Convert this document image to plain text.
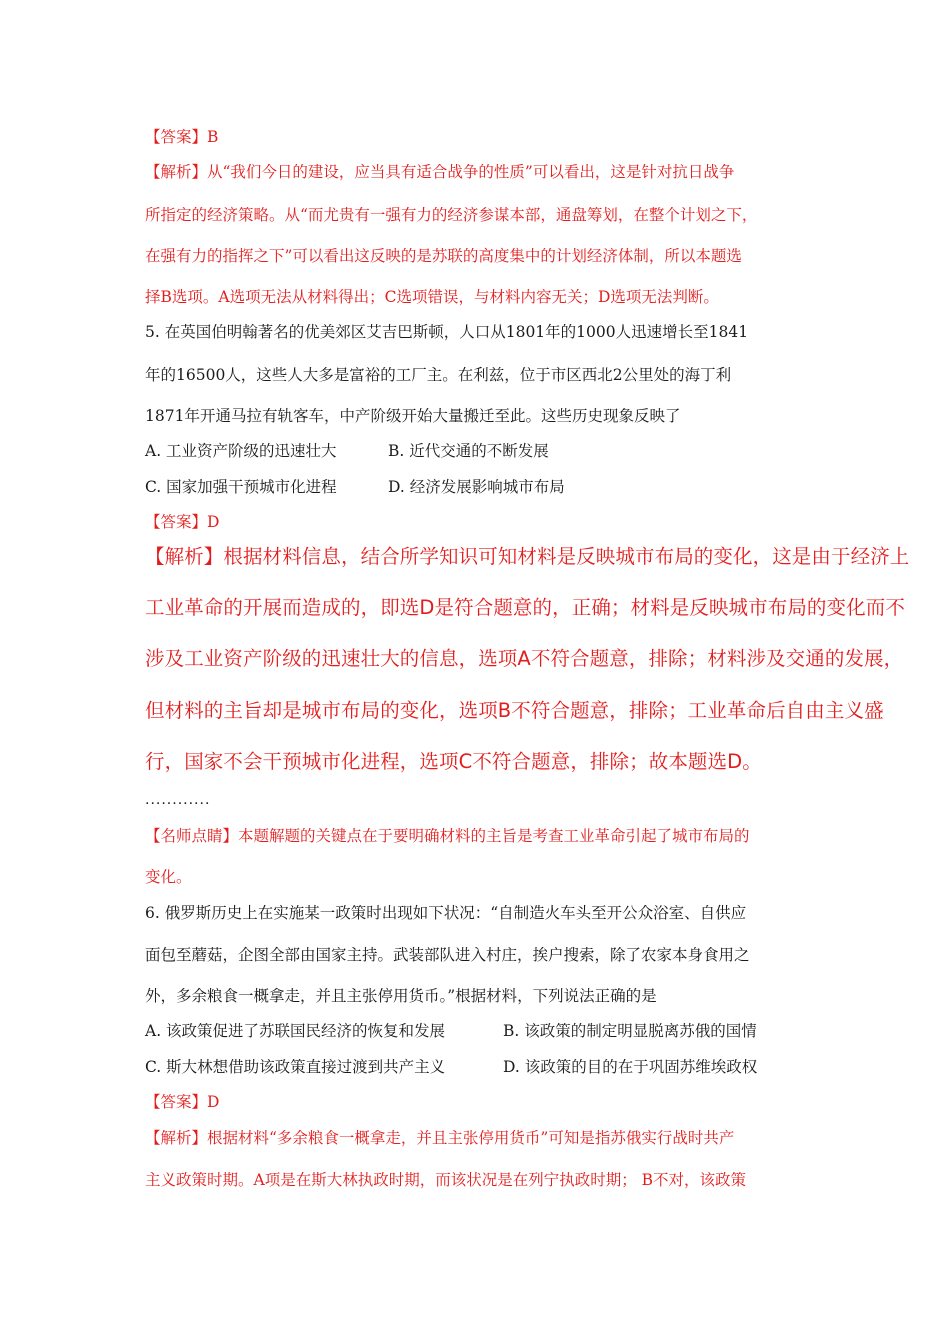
【答案】B
【解析】从“我们今日的建设，应当具有适合战争的性质”可以看出，这是针对抗日战争
所指定的经济策略。从“而尤贵有一强有力的经济参谋本部，通盘筹划，在整个计划之下，
在强有力的指挥之下”可以看出这反映的是苏联的高度集中的计划经济体制，所以本题选
择B选项。A选项无法从材料得出；C选项错误，与材料内容无关；D选项无法判断。
5. 在英国伯明翰著名的优美郊区艾吉巴斯顿，人口从1801年的1000人迅速增长至1841
年的16500人，这些人大多是富裕的工厂主。在利兹，位于市区西北2公里处的海丁利
1871年开通马拉有轨客车，中产阶级开始大量搬迁至此。这些历史现象反映了
A. 工业资产阶级的迅速壮大	B. 近代交通的不断发展
C. 国家加强干预城市化进程	D. 经济发展影响城市布局
【答案】D
【解析】根据材料信息，结合所学知识可知材料是反映城市布局的变化，这是由于经济上
工业革命的开展而造成的，即选D是符合题意的，正确；材料是反映城市布局的变化而不
涉及工业资产阶级的迅速壮大的信息，选项A不符合题意，排除；材料涉及交通的发展，
但材料的主旨却是城市布局的变化，选项B不符合题意，排除；工业革命后自由主义盛
行，国家不会干预城市化进程，选项C不符合题意，排除；故本题选D。
............
【名师点睛】本题解题的关键点在于要明确材料的主旨是考查工业革命引起了城市布局的
变化。
6. 俄罗斯历史上在实施某一政策时出现如下状况：“自制造火车头至开公众浴室、自供应
面包至蘑菇，企图全部由国家主持。武装部队进入村庄，挨户搜索，除了农家本身食用之
外，多余粮食一概拿走，并且主张停用货币。”根据材料，下列说法正确的是
A. 该政策促进了苏联国民经济的恢复和发展	B. 该政策的制定明显脱离苏俄的国情
C. 斯大林想借助该政策直接过渡到共产主义	D. 该政策的目的在于巩固苏维埃政权
【答案】D
【解析】根据材料“多余粮食一概拿走，并且主张停用货币”可知是指苏俄实行战时共产
主义政策时期。A项是在斯大林执政时期，而该状况是在列宁执政时期； B不对，该政策
